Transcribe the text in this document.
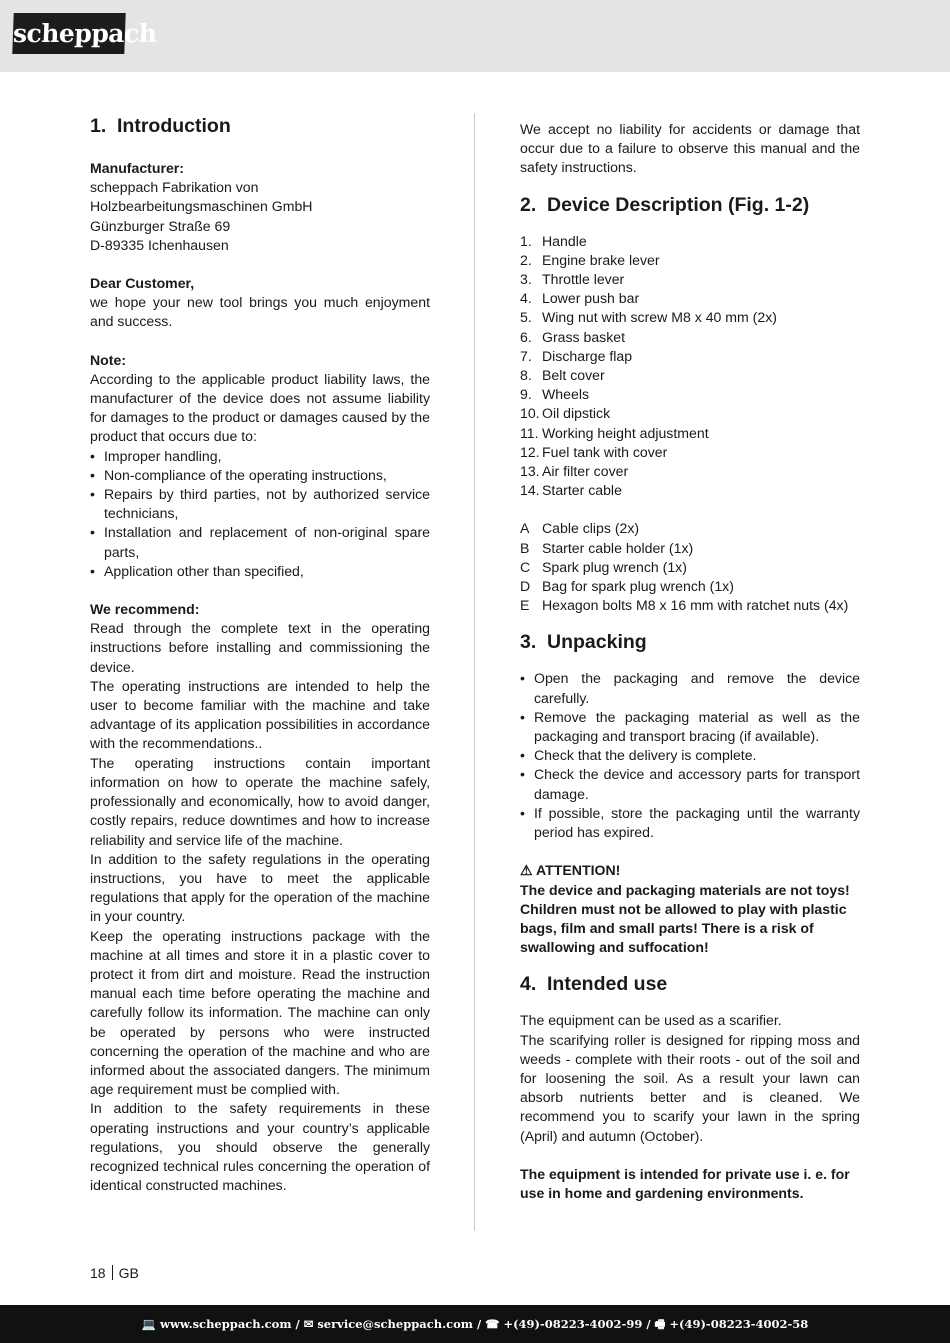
scheppach
1. Introduction

Manufacturer:

scheppach Fabrikation von

Holzbearbeitungsmaschinen GmbH

Günzburger Straße 69

D-89335 Ichenhausen

Dear Customer,

we hope your new tool brings you much enjoyment and success.

Note:

According to the applicable product liability laws, the manufacturer of the device does not assume liability for damages to the product or damages caused by the product that occurs due to:

• Improper handling,
• Non-compliance of the operating instructions,
• Repairs by third parties, not by authorized service technicians,
• Installation and replacement of non-original spare parts,
• Application other than specified,

We recommend:

Read through the complete text in the operating instructions before installing and commissioning the device.

The operating instructions are intended to help the user to become familiar with the machine and take advantage of its application possibilities in accordance with the recommendations..

The operating instructions contain important information on how to operate the machine safely, professionally and economically, how to avoid danger, costly repairs, reduce downtimes and how to increase reliability and service life of the machine.

In addition to the safety regulations in the operating instructions, you have to meet the applicable regulations that apply for the operation of the machine in your country.

Keep the operating instructions package with the machine at all times and store it in a plastic cover to protect it from dirt and moisture. Read the instruction manual each time before operating the machine and carefully follow its information. The machine can only be operated by persons who were instructed concerning the operation of the machine and who are informed about the associated dangers. The minimum age requirement must be complied with.

In addition to the safety requirements in these operating instructions and your country’s applicable regulations, you should observe the generally recognized technical rules concerning the operation of identical constructed machines.

We accept no liability for accidents or damage that occur due to a failure to observe this manual and the safety instructions.

2. Device Description (Fig. 1-2)
1. Handle
2. Engine brake lever
3. Throttle lever
4. Lower push bar
5. Wing nut with screw M8 x 40 mm (2x)
6. Grass basket
7. Discharge flap
8. Belt cover
9. Wheels
10. Oil dipstick
11. Working height adjustment
12. Fuel tank with cover
13. Air filter cover
14. Starter cable
A Cable clips (2x)
B Starter cable holder (1x)
C Spark plug wrench (1x)
D Bag for spark plug wrench (1x)
E Hexagon bolts M8 x 16 mm with ratchet nuts (4x)
3. Unpacking
• Open the packaging and remove the device carefully.
• Remove the packaging material as well as the packaging and transport bracing (if available).
• Check that the delivery is complete.
• Check the device and accessory parts for transport damage.
• If possible, store the packaging until the warranty period has expired.

⚠ ATTENTION!

The device and packaging materials are not toys! Children must not be allowed to play with plastic bags, film and small parts! There is a risk of swallowing and suffocation!

4. Intended use

The equipment can be used as a scarifier.

The scarifying roller is designed for ripping moss and weeds - complete with their roots - out of the soil and for loosening the soil. As a result your lawn can absorb nutrients better and is cleaned. We recommend you to scarify your lawn in the spring (April) and autumn (October).

The equipment is intended for private use i. e. for use in home and gardening environments.

18 GB
💻 www.scheppach.com / ✉ service@scheppach.com / ☎ +(49)-08223-4002-99 / 🖷 +(49)-08223-4002-58
